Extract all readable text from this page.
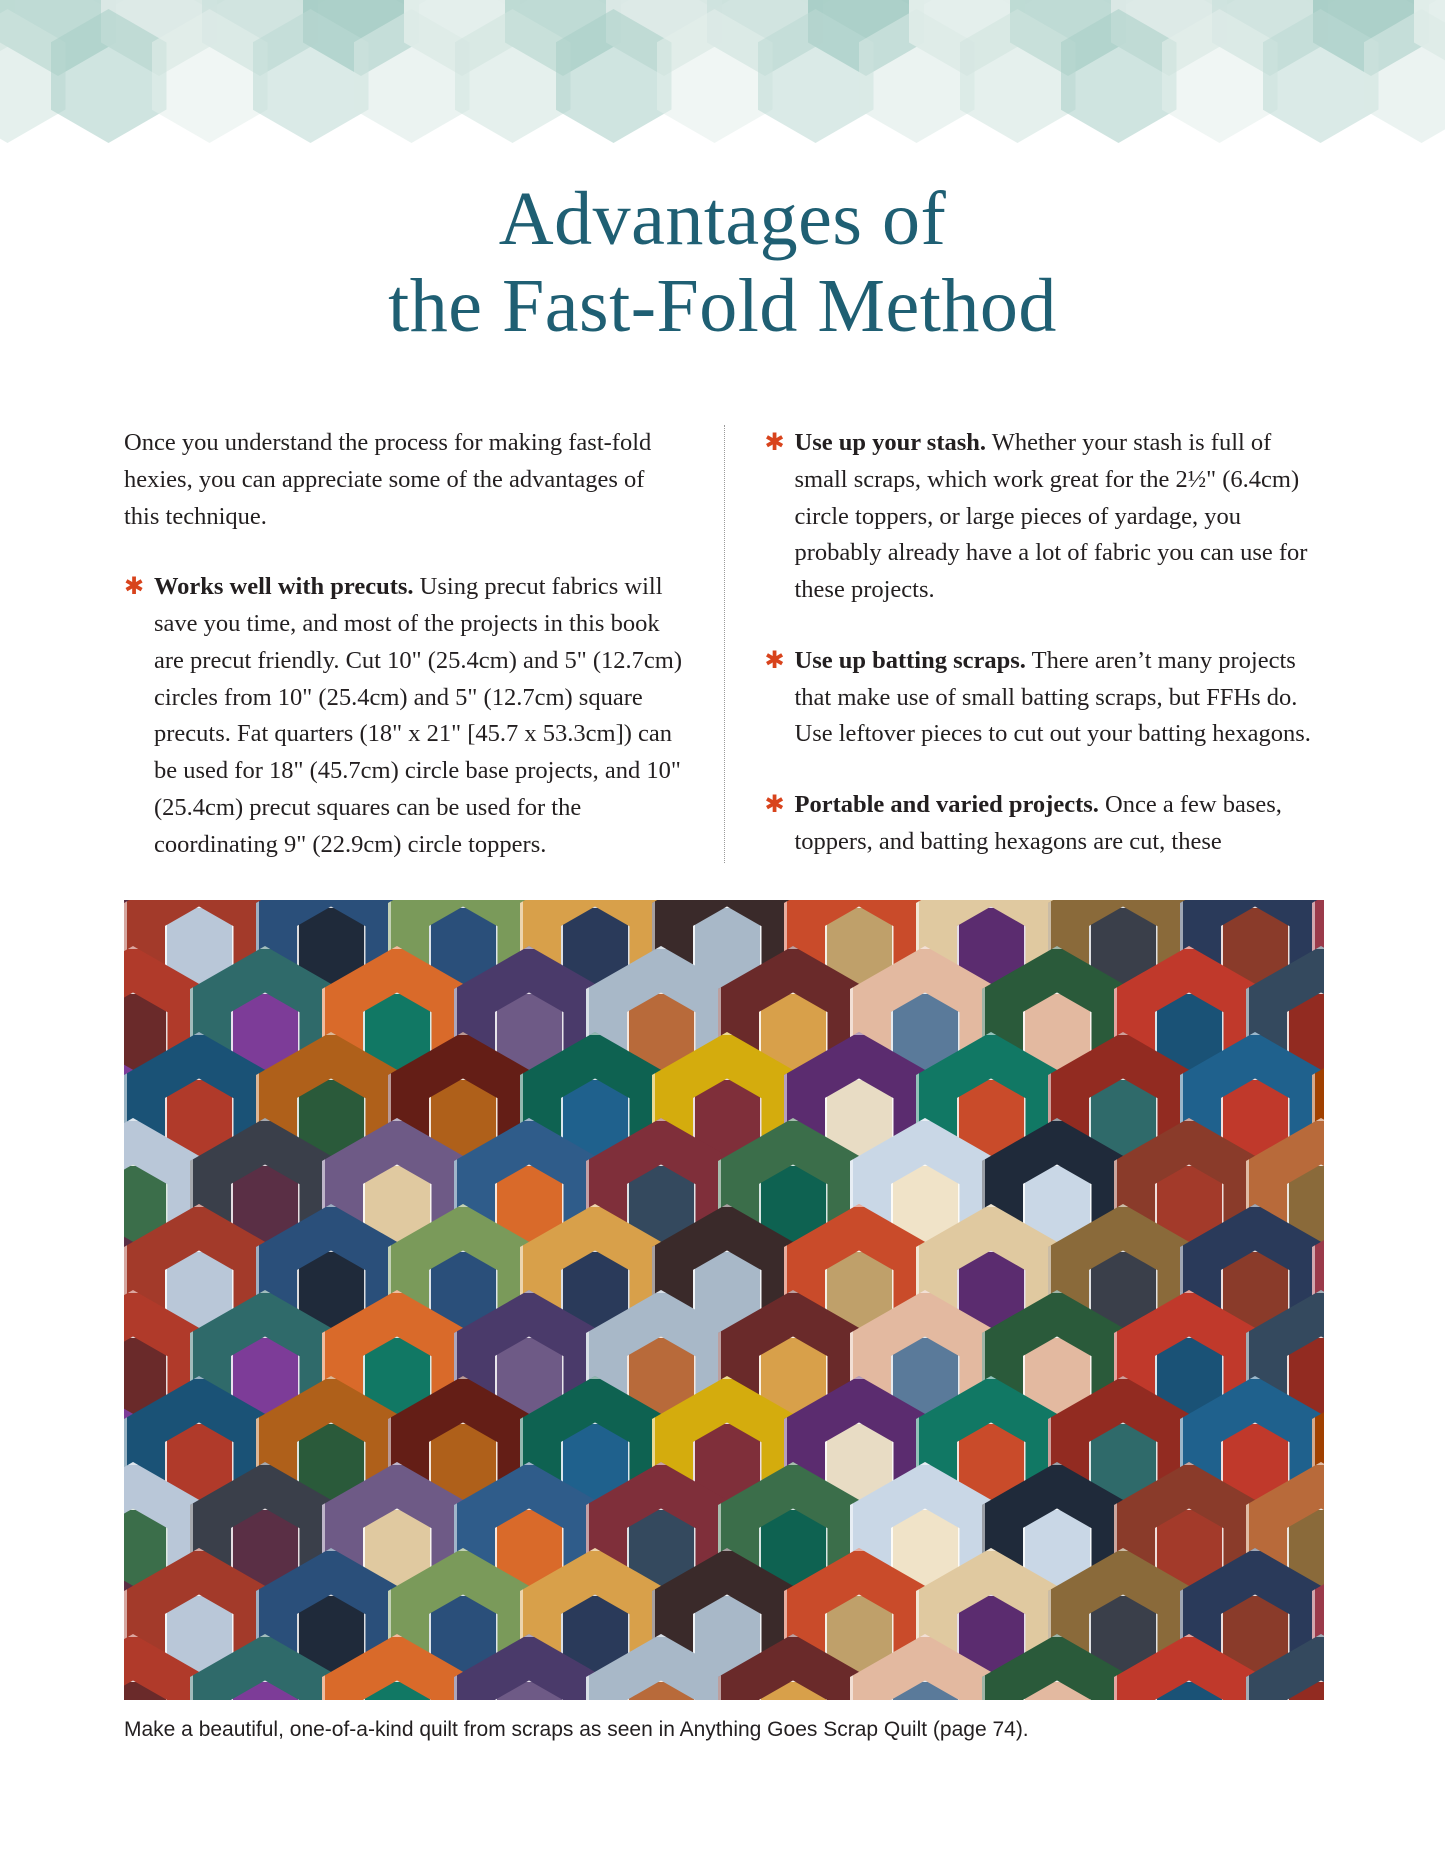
Advantages of
the Fast-Fold Method

Once you understand the process for making fast-fold hexies, you can appreciate some of the advantages of this technique.

✱ Works well with precuts. Using precut fabrics will save you time, and most of the projects in this book are precut friendly. Cut 10" (25.4cm) and 5" (12.7cm) circles from 10" (25.4cm) and 5" (12.7cm) square precuts. Fat quarters (18" x 21" [45.7 x 53.3cm]) can be used for 18" (45.7cm) circle base projects, and 10" (25.4cm) precut squares can be used for the coordinating 9" (22.9cm) circle toppers.
✱ Use up your stash. Whether your stash is full of small scraps, which work great for the 2½" (6.4cm) circle toppers, or large pieces of yardage, you probably already have a lot of fabric you can use for these projects.
✱ Use up batting scraps. There aren’t many projects that make use of small batting scraps, but FFHs do. Use leftover pieces to cut out your batting hexagons.
✱ Portable and varied projects. Once a few bases, toppers, and batting hexagons are cut, these
Make a beautiful, one-of-a-kind quilt from scraps as seen in Anything Goes Scrap Quilt (page 74).
